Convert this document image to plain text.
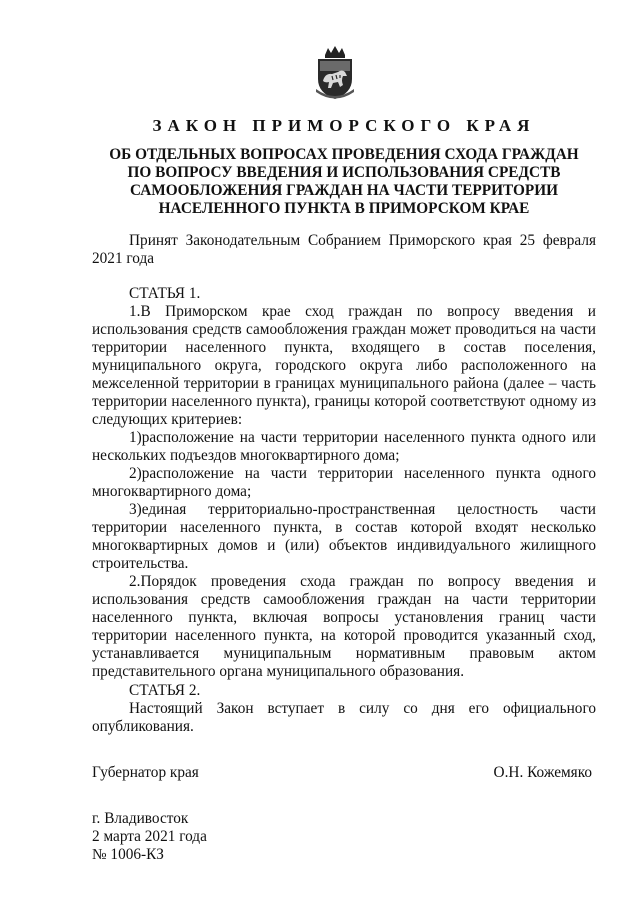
ЗАКОН ПРИМОРСКОГО КРАЯ
ОБ ОТДЕЛЬНЫХ ВОПРОСАХ ПРОВЕДЕНИЯ СХОДА ГРАЖДАН
ПО ВОПРОСУ ВВЕДЕНИЯ И ИСПОЛЬЗОВАНИЯ СРЕДСТВ
САМООБЛОЖЕНИЯ ГРАЖДАН НА ЧАСТИ ТЕРРИТОРИИ
НАСЕЛЕННОГО ПУНКТА В ПРИМОРСКОМ КРАЕ

Принят Законодательным Собранием Приморского края 25 февраля 2021 года

СТАТЬЯ 1.

1.В Приморском крае сход граждан по вопросу введения и использования средств самообложения граждан может проводиться на части территории населенного пункта, входящего в состав поселения, муниципального округа, городского округа либо расположенного на межселенной территории в границах муниципального района (далее – часть территории населенного пункта), границы которой соответствуют одному из следующих критериев:

1)расположение на части территории населенного пункта одного или нескольких подъездов многоквартирного дома;

2)расположение на части территории населенного пункта одного многоквартирного дома;

3)единая территориально-пространственная целостность части территории населенного пункта, в состав которой входят несколько многоквартирных домов и (или) объектов индивидуального жилищного строительства.

2.Порядок проведения схода граждан по вопросу введения и использования средств самообложения граждан на части территории населенного пункта, включая вопросы установления границ части территории населенного пункта, на которой проводится указанный сход, устанавливается муниципальным нормативным правовым актом представительного органа муниципального образования.

СТАТЬЯ 2.

Настоящий Закон вступает в силу со дня его официального опубликования.

Губернатор края	О.Н. Кожемяко
г. Владивосток
2 марта 2021 года
№ 1006-КЗ
